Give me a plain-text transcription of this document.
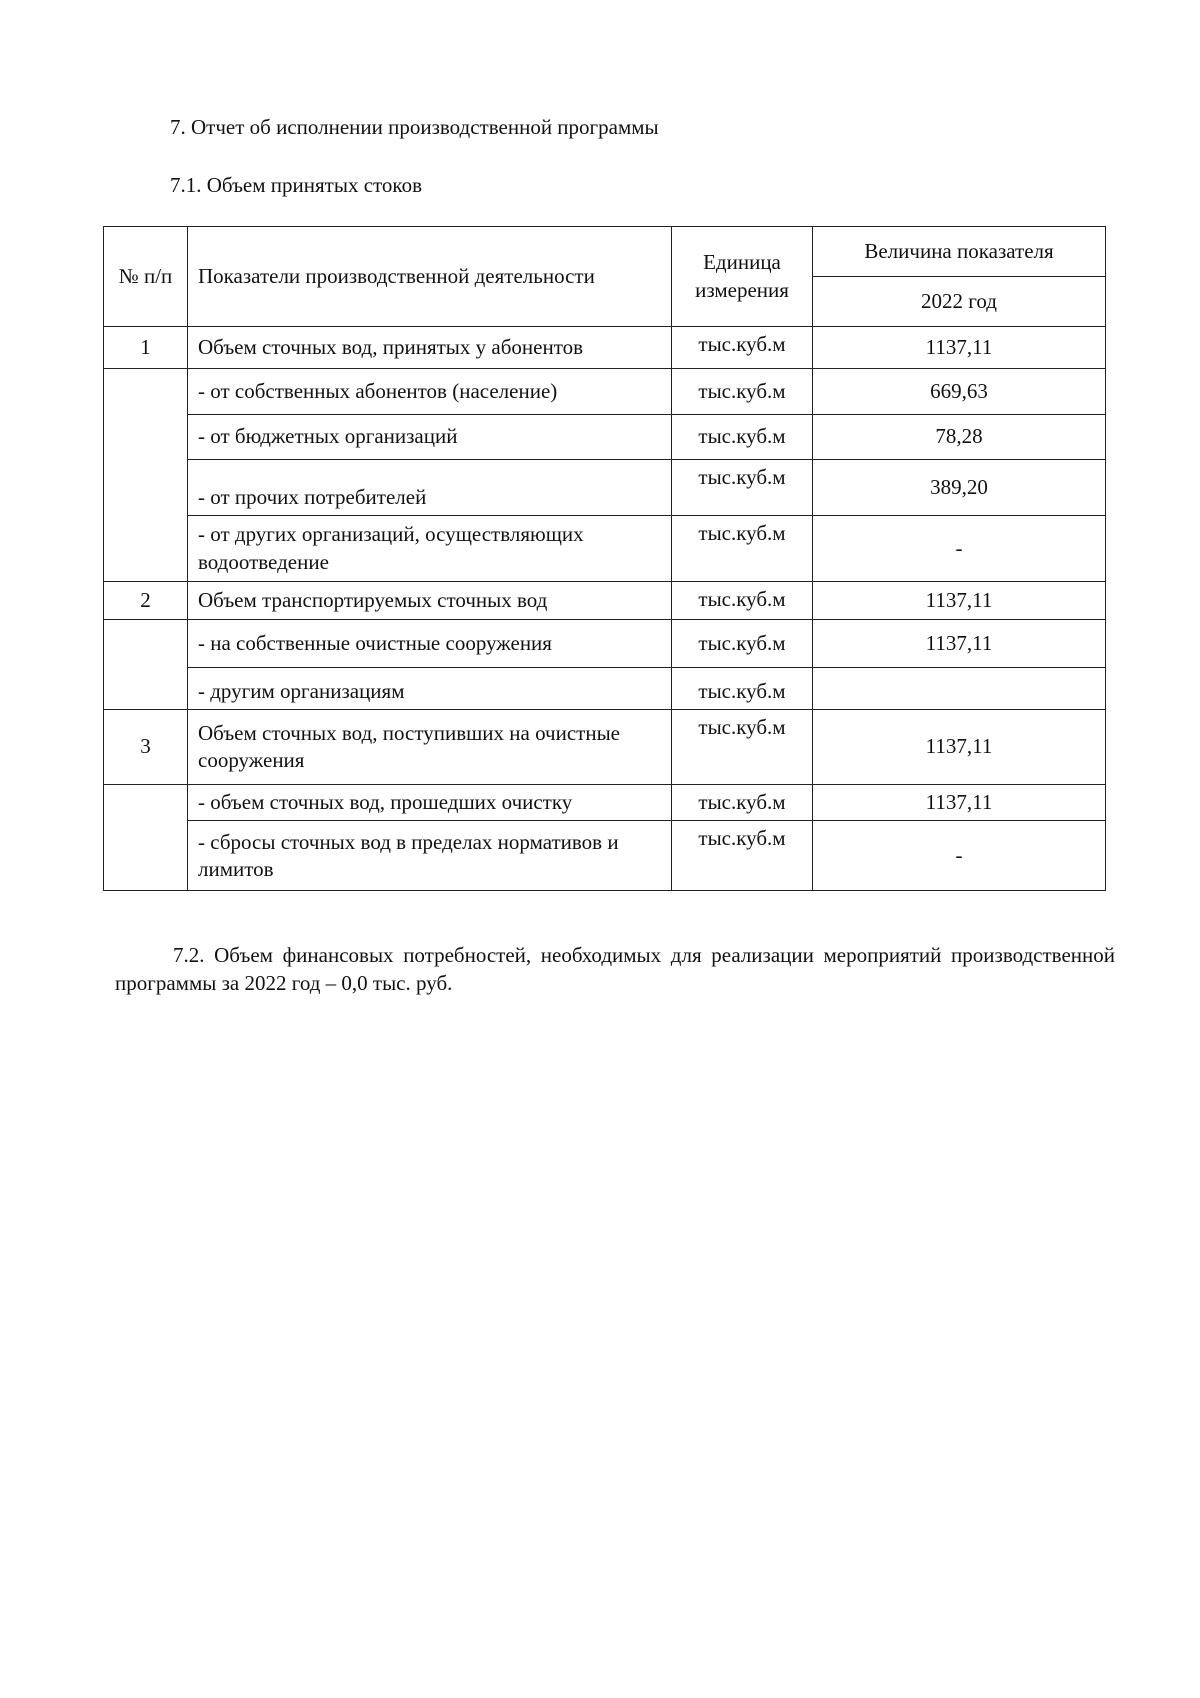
7. Отчет об исполнении производственной программы
7.1. Объем принятых стоков
№ п/п	Показатели производственной деятельности	Единица измерения	Величина показателя
			2022 год
1	Объем сточных вод, принятых у абонентов	тыс.куб.м	1137,11
	- от собственных абонентов (население)	тыс.куб.м	669,63
	- от бюджетных организаций	тыс.куб.м	78,28
	- от прочих потребителей	тыс.куб.м	389,20
	- от других организаций, осуществляющих водоотведение	тыс.куб.м	-
2	Объем транспортируемых сточных вод	тыс.куб.м	1137,11
	- на собственные очистные сооружения	тыс.куб.м	1137,11
	- другим организациям	тыс.куб.м	
3	Объем сточных вод, поступивших на очистные сооружения	тыс.куб.м	1137,11
	- объем сточных вод, прошедших очистку	тыс.куб.м	1137,11
	- сбросы сточных вод в пределах нормативов и лимитов	тыс.куб.м	-

7.2. Объем финансовых потребностей, необходимых для реализации мероприятий производственной программы за 2022 год – 0,0 тыс. руб.
